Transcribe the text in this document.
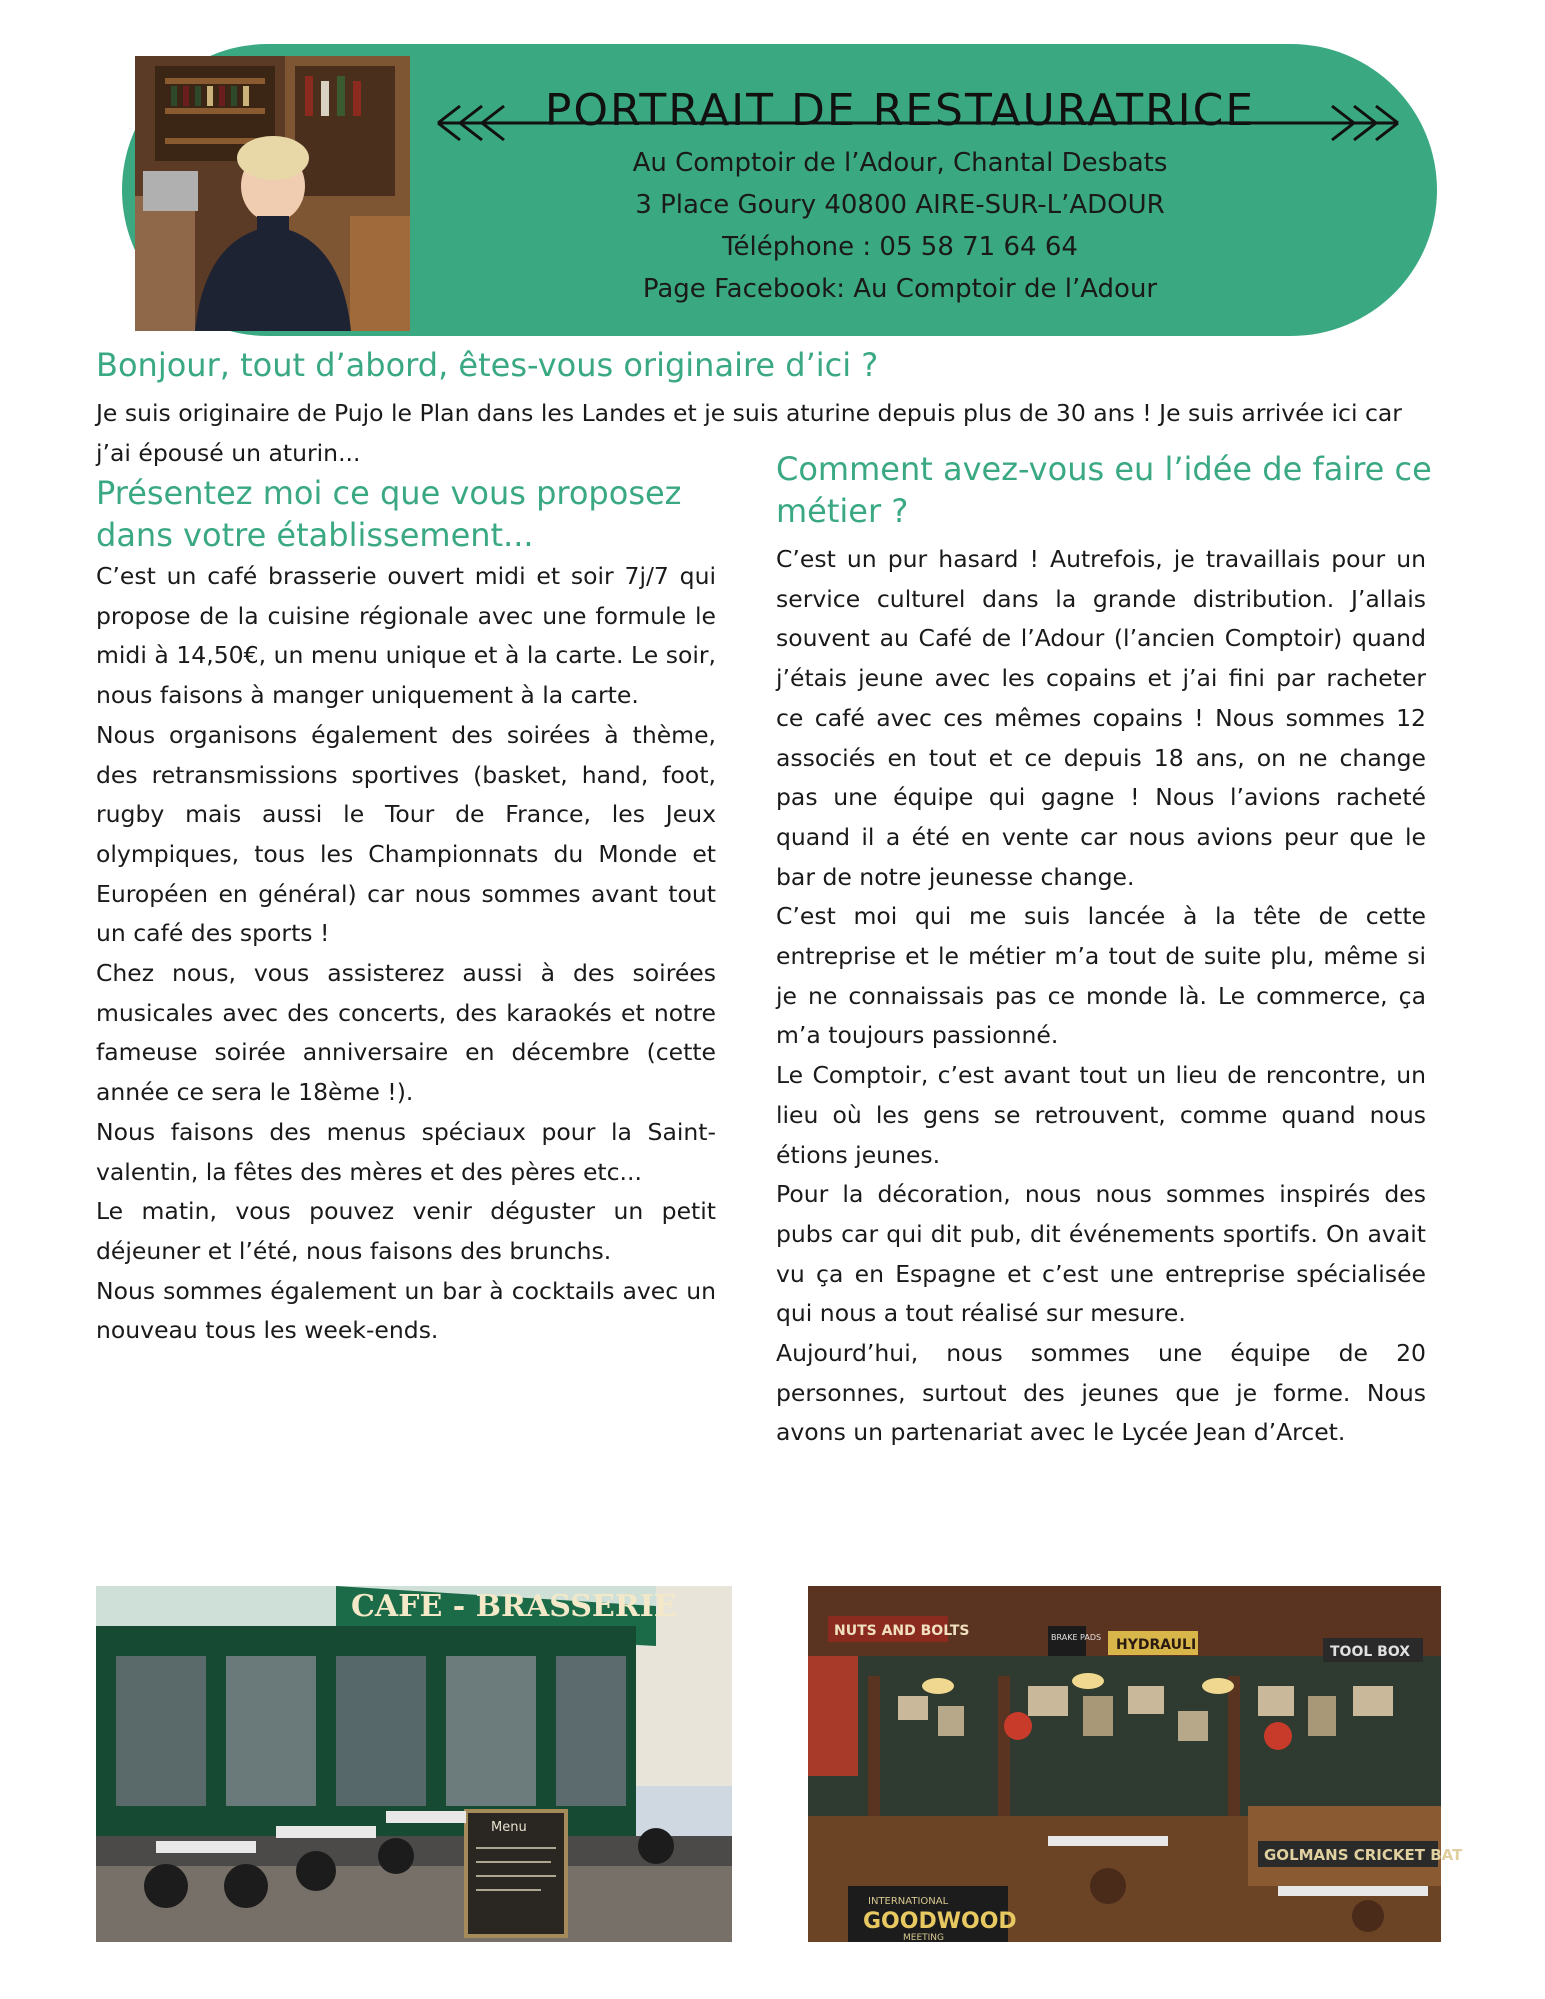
PORTRAIT DE RESTAURATRICE
Au Comptoir de l’Adour, Chantal Desbats
3 Place Goury 40800 AIRE-SUR-L’ADOUR
Téléphone : 05 58 71 64 64
Page Facebook: Au Comptoir de l’Adour
Bonjour, tout d’abord, êtes-vous originaire d’ici ?

Je suis originaire de Pujo le Plan dans les Landes et je suis aturine depuis plus de 30 ans ! Je suis arrivée ici car j’ai épousé un aturin...

Présentez moi ce que vous proposez dans votre établissement...

C’est un café brasserie ouvert midi et soir 7j/7 qui propose de la cuisine régionale avec une formule le midi à 14,50€, un menu unique et à la carte. Le soir, nous faisons à manger uniquement à la carte.

Nous organisons également des soirées à thème, des retransmissions sportives (basket, hand, foot, rugby mais aussi le Tour de France, les Jeux olympiques, tous les Championnats du Monde et Européen en général) car nous sommes avant tout un café des sports !

Chez nous, vous assisterez aussi à des soirées musicales avec des concerts, des karaokés et notre fameuse soirée anniversaire en décembre (cette année ce sera le 18ème !).

Nous faisons des menus spéciaux pour la Saint-valentin, la fêtes des mères et des pères etc...

Le matin, vous pouvez venir déguster un petit déjeuner et l’été, nous faisons des brunchs.

Nous sommes également un bar à cocktails avec un nouveau tous les week-ends.

Comment avez-vous eu l’idée de faire ce métier ?

C’est un pur hasard ! Autrefois, je travaillais pour un service culturel dans la grande distribution. J’allais souvent au Café de l’Adour (l’ancien Comptoir) quand j’étais jeune avec les copains et j’ai fini par racheter ce café avec ces mêmes copains ! Nous sommes 12 associés en tout et ce depuis 18 ans, on ne change pas une équipe qui gagne ! Nous l’avions racheté quand il a été en vente car nous avions peur que le bar de notre jeunesse change.

C’est moi qui me suis lancée à la tête de cette entreprise et le métier m’a tout de suite plu, même si je ne connaissais pas ce monde là. Le commerce, ça m’a toujours passionné.

Le Comptoir, c’est avant tout un lieu de rencontre, un lieu où les gens se retrouvent, comme quand nous étions jeunes.

Pour la décoration, nous nous sommes inspirés des pubs car qui dit pub, dit événements sportifs. On avait vu ça en Espagne et c’est une entreprise spécialisée qui nous a tout réalisé sur mesure.

Aujourd’hui, nous sommes une équipe de 20 personnes, surtout des jeunes que je forme. Nous avons un partenariat avec le Lycée Jean d’Arcet.

CAFE - BRASSERIE
Menu
NUTS AND BOLTS
HYDRAULI	TOOL BOX
BRAKE PADS
GOLMANS CRICKET BAT
INTERNATIONAL
GOODWOOD
MEETING
